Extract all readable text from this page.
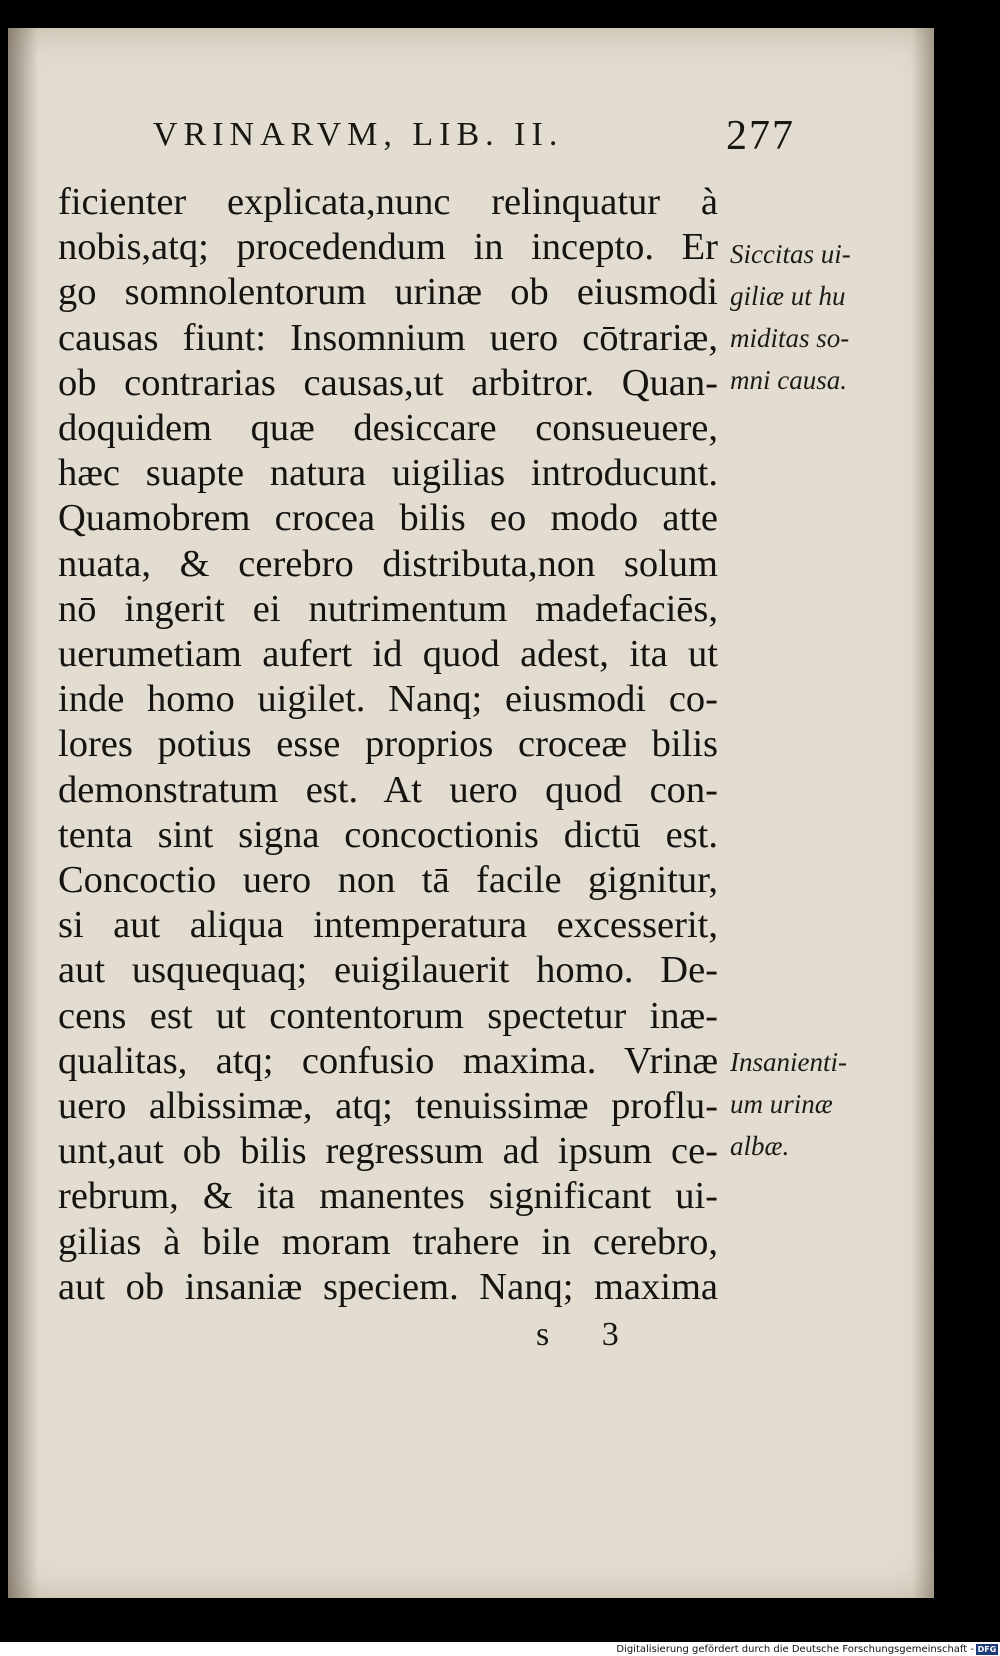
VRINARVM, LIB. II.	277
ficienter explicata,nunc relinquatur à
nobis,atq; procedendum in incepto. Er
go somnolentorum urinæ ob eiusmodi
causas fiunt: Insomnium uero cōtrariæ,
ob contrarias causas,ut arbitror. Quan-
doquidem quæ desiccare consueuere,
hæc suapte natura uigilias introducunt.
Quamobrem crocea bilis eo modo atte
nuata, & cerebro distributa,non solum
nō ingerit ei nutrimentum madefaciēs,
uerumetiam aufert id quod adest, ita ut
inde homo uigilet. Nanq; eiusmodi co-
lores potius esse proprios croceæ bilis
demonstratum est. At uero quod con-
tenta sint signa concoctionis dictū est.
Concoctio uero non tā facile gignitur,
si aut aliqua intemperatura excesserit,
aut usquequaq; euigilauerit homo. De-
cens est ut contentorum spectetur inæ-
qualitas, atq; confusio maxima. Vrinæ
uero albissimæ, atq; tenuissimæ proflu-
unt,aut ob bilis regressum ad ipsum ce-
rebrum, & ita manentes significant ui-
gilias à bile moram trahere in cerebro,
aut ob insaniæ speciem. Nanq; maxima
Siccitas ui-
giliæ ut hu
miditas so-
mni causa.
Insanienti-
um urinæ
albæ.
s 3
Digitalisierung gefördert durch die Deutsche Forschungsgemeinschaft - DFG
